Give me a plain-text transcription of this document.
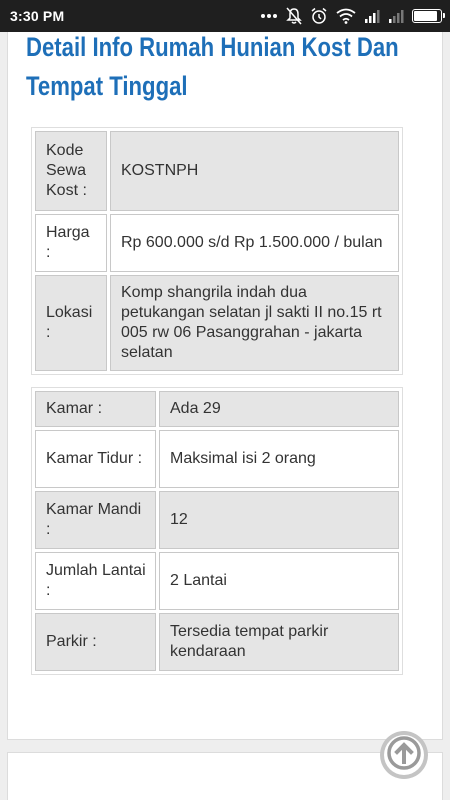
3:30 PM
Detail Info Rumah Hunian Kost Dan
Tempat Tinggal
Kode Sewa Kost :	KOSTNPH
Harga :	Rp 600.000 s/d Rp 1.500.000 / bulan
Lokasi :	Komp shangrila indah dua petukangan selatan jl sakti II no.15 rt 005 rw 06 Pasanggrahan - jakarta selatan
Kamar :	Ada 29
Kamar Tidur :	Maksimal isi 2 orang
Kamar Mandi :	12
Jumlah Lantai :	2 Lantai
Parkir :	Tersedia tempat parkir kendaraan
